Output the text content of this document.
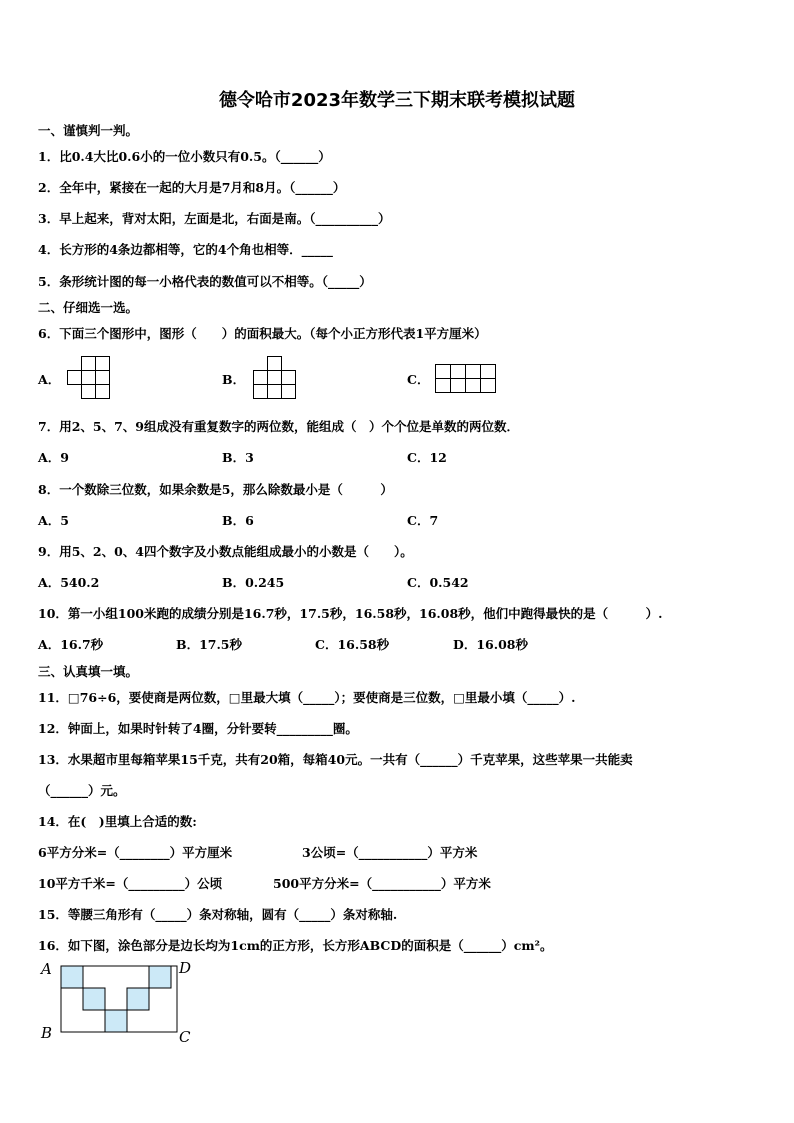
德令哈市2023年数学三下期末联考模拟试题
一、谨慎判一判。
1．比0.4大比0.6小的一位小数只有0.5。（______）
2．全年中，紧接在一起的大月是7月和8月。（______）
3．早上起来，背对太阳，左面是北，右面是南。（__________）
4．长方形的4条边都相等，它的4个角也相等．_____
5．条形统计图的每一小格代表的数值可以不相等。（_____）
二、仔细选一选。
6．下面三个图形中，图形（　　）的面积最大。（每个小正方形代表1平方厘米）
A．	B．	C．
7．用2、5、7、9组成没有重复数字的两位数，能组成（　）个个位是单数的两位数．
A．9	B．3	C．12
8．一个数除三位数，如果余数是5，那么除数最小是（　　　）
A．5	B．6	C．7
9．用5、2、0、4四个数字及小数点能组成最小的小数是（　　）。
A．540.2	B．0.245	C．0.542
10．第一小组100米跑的成绩分别是16.7秒，17.5秒，16.58秒，16.08秒，他们中跑得最快的是（　　　）.
A．16.7秒	B．17.5秒	C．16.58秒	D．16.08秒
三、认真填一填。
11．□76÷6，要使商是两位数，□里最大填（_____）；要使商是三位数，□里最小填（_____）.
12．钟面上，如果时针转了4圈，分针要转_________圈。
13．水果超市里每箱苹果15千克，共有20箱，每箱40元。一共有（______）千克苹果，这些苹果一共能卖
（______）元。
14．在(　)里填上合适的数:
6平方分米=（________）平方厘米	3公顷=（___________）平方米
10平方千米=（_________）公顷	500平方分米=（___________）平方米
15．等腰三角形有（_____）条对称轴，圆有（_____）条对称轴.
16．如下图，涂色部分是边长均为1cm的正方形，长方形ABCD的面积是（______）cm²。
A
B	C
D
